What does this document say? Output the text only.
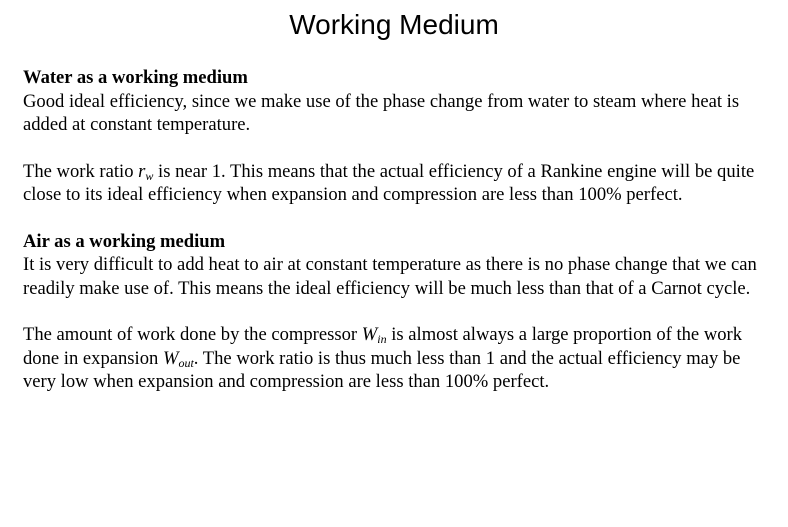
Working Medium

Water as a working medium

Good ideal efficiency, since we make use of the phase change from water to steam where heat is added at constant temperature.

The work ratio $r_w$ is near 1. This means that the actual efficiency of a Rankine engine will be quite close to its ideal efficiency when expansion and compression are less than 100% perfect.

Air as a working medium

It is very difficult to add heat to air at constant temperature as there is no phase change that we can readily make use of. This means the ideal efficiency will be much less than that of a Carnot cycle.

The amount of work done by the compressor $W_{in}$ is almost always a large proportion of the work done in expansion $W_{out}$. The work ratio is thus much less than 1 and the actual efficiency may be very low when expansion and compression are less than 100% perfect.
